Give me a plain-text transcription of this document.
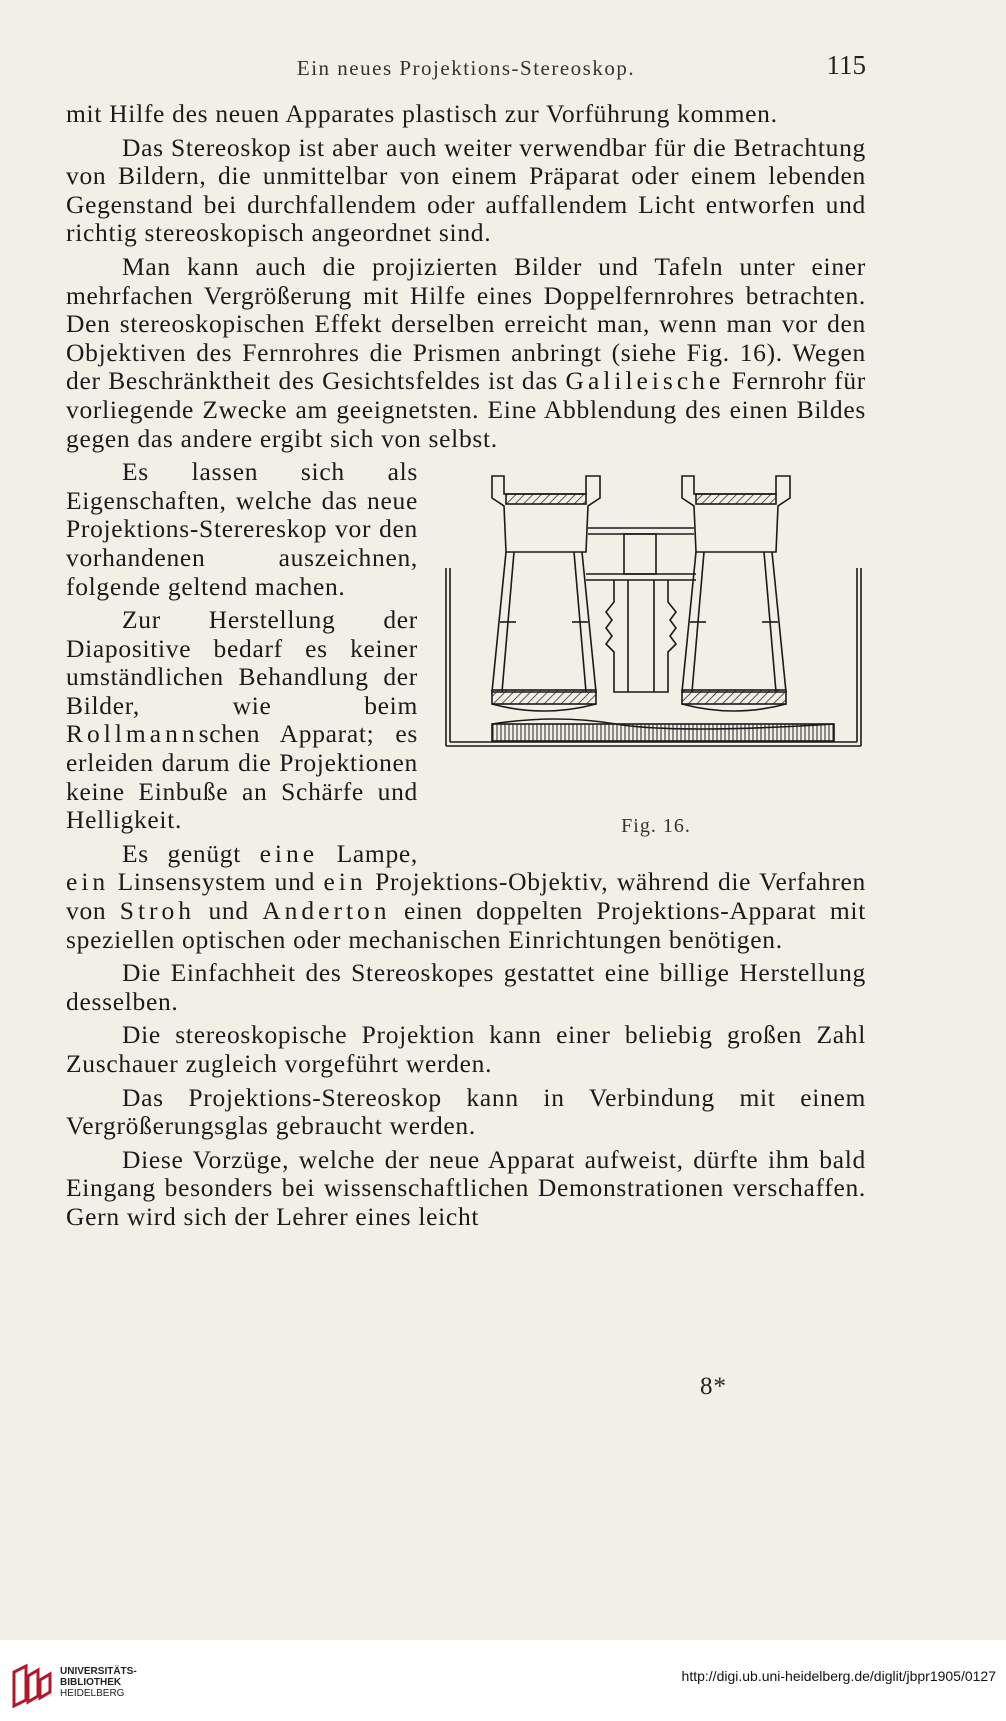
Ein neues Projektions-Stereoskop.	115

mit Hilfe des neuen Apparates plastisch zur Vorführung kommen.

Das Stereoskop ist aber auch weiter verwendbar für die Betrachtung von Bildern, die unmittelbar von einem Präparat oder einem lebenden Gegenstand bei durchfallendem oder auffallendem Licht entworfen und richtig stereoskopisch angeordnet sind.

Man kann auch die projizierten Bilder und Tafeln unter einer mehrfachen Vergrößerung mit Hilfe eines Doppelfernrohres betrachten. Den stereoskopischen Effekt derselben erreicht man, wenn man vor den Objektiven des Fernrohres die Prismen anbringt (siehe Fig. 16). Wegen der Beschränktheit des Gesichtsfeldes ist das Galileische Fernrohr für vorliegende Zwecke am geeignetsten. Eine Abblendung des einen Bildes gegen das andere ergibt sich von selbst.

Fig. 16.

Es lassen sich als Eigenschaften, welche das neue Projektions-Sterereskop vor den vorhandenen auszeichnen, folgende geltend machen.

Zur Herstellung der Diapositive bedarf es keiner umständlichen Behandlung der Bilder, wie beim Rollmannschen Apparat; es erleiden darum die Projektionen keine Einbuße an Schärfe und Helligkeit.

Es genügt eine Lampe, ein Linsensystem und ein Projektions-Objektiv, während die Verfahren von Stroh und Anderton einen doppelten Projektions-Apparat mit speziellen optischen oder mechanischen Einrichtungen benötigen.

Die Einfachheit des Stereoskopes gestattet eine billige Herstellung desselben.

Die stereoskopische Projektion kann einer beliebig großen Zahl Zuschauer zugleich vorgeführt werden.

Das Projektions-Stereoskop kann in Verbindung mit einem Vergrößerungsglas gebraucht werden.

Diese Vorzüge, welche der neue Apparat aufweist, dürfte ihm bald Eingang besonders bei wissenschaftlichen Demonstrationen verschaffen. Gern wird sich der Lehrer eines leicht

8*
UNIVERSITÄTS-
BIBLIOTHEK
HEIDELBERG
http://digi.ub.uni-heidelberg.de/diglit/jbpr1905/0127
